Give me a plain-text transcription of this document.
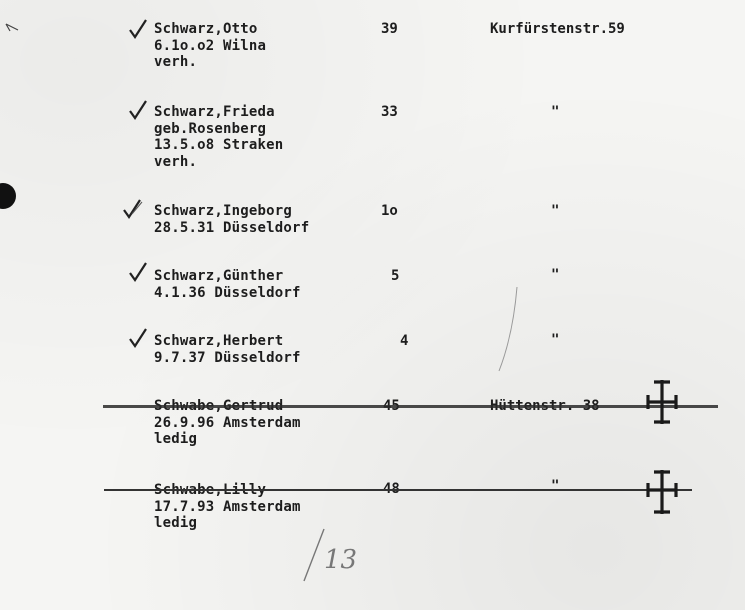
Schwarz,Otto
6.1o.o2 Wilna
verh.
39	Kurfürstenstr.59
Schwarz,Frieda
geb.Rosenberg
13.5.o8 Straken
verh.
33	"
Schwarz,Ingeborg
28.5.31 Düsseldorf
1o	"
Schwarz,Günther
4.1.36 Düsseldorf
5	"
Schwarz,Herbert
9.7.37 Düsseldorf
4	"
Schwabe,Gertrud
26.9.96 Amsterdam
ledig
45	Hüttenstr. 38
Schwabe,Lilly
17.7.93 Amsterdam
ledig
48	"
13
